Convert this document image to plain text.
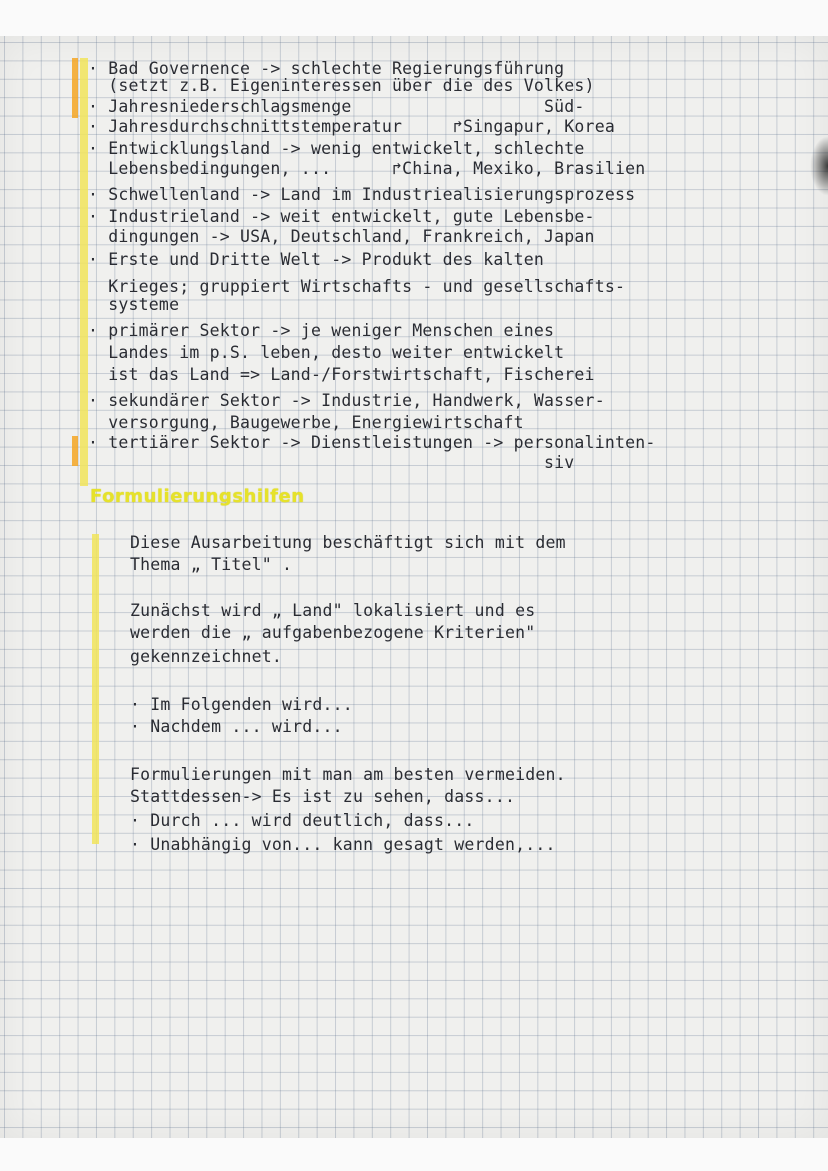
· Bad Governence -> schlechte Regierungsführung
(setzt z.B. Eigeninteressen über die des Volkes)
· Jahresniederschlagsmenge                   Süd-
· Jahresdurchschnittstemperatur     ↱Singapur, Korea
· Entwicklungsland -> wenig entwickelt, schlechte
Lebensbedingungen, ...      ↱China, Mexiko, Brasilien
· Schwellenland -> Land im Industriealisierungsprozess
· Industrieland -> weit entwickelt, gute Lebensbe-
dingungen -> USA, Deutschland, Frankreich, Japan
· Erste und Dritte Welt -> Produkt des kalten
Krieges; gruppiert Wirtschafts - und gesellschafts-
systeme
· primärer Sektor -> je weniger Menschen eines
Landes im p.S. leben, desto weiter entwickelt
ist das Land => Land-/Forstwirtschaft, Fischerei
· sekundärer Sektor -> Industrie, Handwerk, Wasser-
versorgung, Baugewerbe, Energiewirtschaft
· tertiärer Sektor -> Dienstleistungen -> personalinten-
siv
Formulierungshilfen
Diese Ausarbeitung beschäftigt sich mit dem
Thema „ Titel" .
Zunächst wird „ Land" lokalisiert und es
werden die „ aufgabenbezogene Kriterien"
gekennzeichnet.
· Im Folgenden wird...
· Nachdem ... wird...
Formulierungen mit man am besten vermeiden.
Stattdessen-> Es ist zu sehen, dass...
· Durch ... wird deutlich, dass...
· Unabhängig von... kann gesagt werden,...
